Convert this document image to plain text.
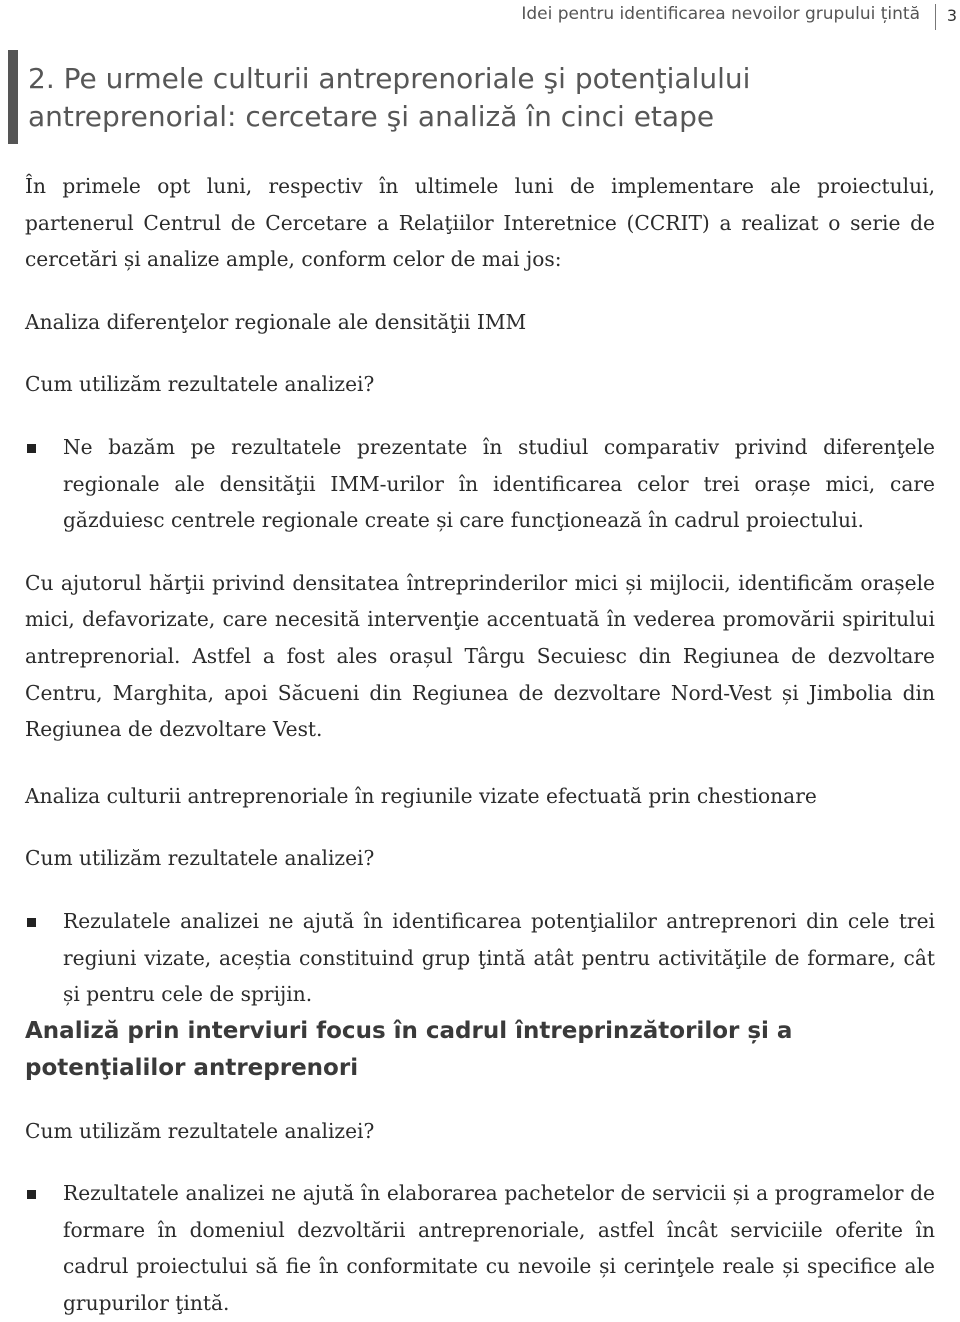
Idei pentru identificarea nevoilor grupului țintă 3
2. Pe urmele culturii antreprenoriale şi potenţialului antreprenorial: cercetare şi analiză în cinci etape

În primele opt luni, respectiv în ultimele luni de implementare ale proiectului, partenerul Centrul de Cercetare a Relaţiilor Interetnice (CCRIT) a realizat o serie de cercetări și analize ample, conform celor de mai jos:

Analiza diferenţelor regionale ale densităţii IMM

Cum utilizăm rezultatele analizei?

Ne bazăm pe rezultatele prezentate în studiul comparativ privind diferenţele regionale ale densităţii IMM-urilor în identificarea celor trei orașe mici, care găzduiesc centrele regionale create și care funcţionează în cadrul proiectului.

Cu ajutorul hărţii privind densitatea întreprinderilor mici și mijlocii, identificăm orașele mici, defavorizate, care necesită intervenţie accentuată în vederea promovării spiritului antreprenorial. Astfel a fost ales orașul Târgu Secuiesc din Regiunea de dezvoltare Centru, Marghita, apoi Săcueni din Regiunea de dezvoltare Nord-Vest și Jimbolia din Regiunea de dezvoltare Vest.

Analiza culturii antreprenoriale în regiunile vizate efectuată prin chestionare

Cum utilizăm rezultatele analizei?

Rezulatele analizei ne ajută în identificarea potenţialilor antreprenori din cele trei regiuni vizate, aceștia constituind grup ţintă atât pentru activităţile de formare, cât și pentru cele de sprijin.

Analiză prin interviuri focus în cadrul întreprinzătorilor și a potenţialilor antreprenori

Cum utilizăm rezultatele analizei?

Rezultatele analizei ne ajută în elaborarea pachetelor de servicii și a programelor de formare în domeniul dezvoltării antreprenoriale, astfel încât serviciile oferite în cadrul proiectului să fie în conformitate cu nevoile și cerinţele reale și specifice ale grupurilor ţintă.
